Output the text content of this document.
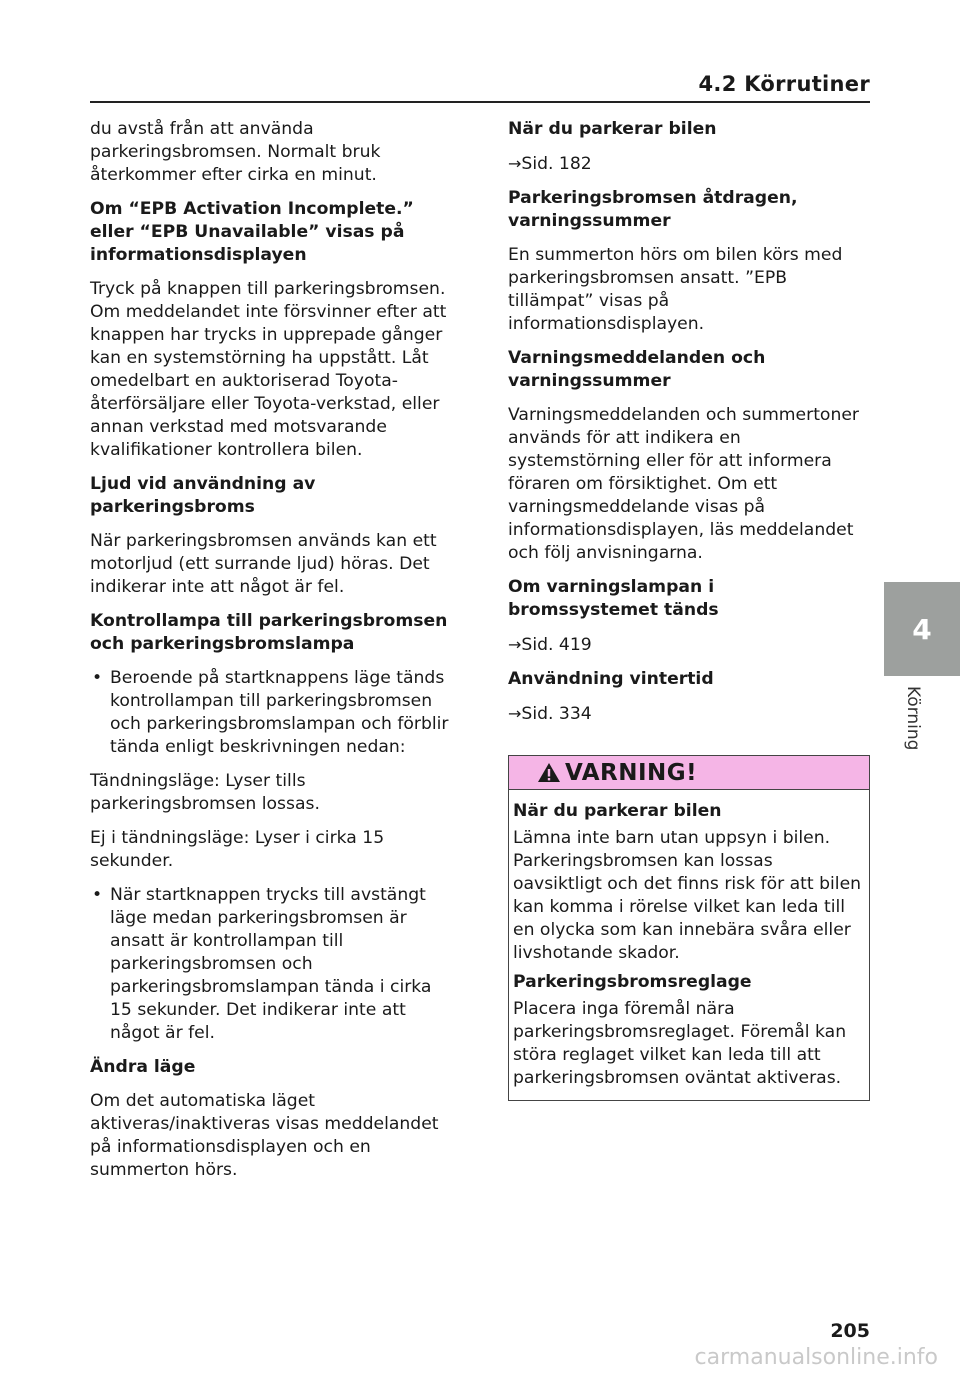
4.2 Körrutiner

du avstå från att använda parkeringsbromsen. Normalt bruk återkommer efter cirka en minut.

Om “EPB Activation Incomplete.” eller “EPB Unavailable” visas på informationsdisplayen

Tryck på knappen till parkeringsbromsen. Om meddelandet inte försvinner efter att knappen har trycks in upprepade gånger kan en systemstörning ha uppstått. Låt omedelbart en auktoriserad Toyota-återförsäljare eller Toyota-verkstad, eller annan verkstad med motsvarande kvalifikationer kontrollera bilen.

Ljud vid användning av parkeringsbroms

När parkeringsbromsen används kan ett motorljud (ett surrande ljud) höras. Det indikerar inte att något är fel.

Kontrollampa till parkeringsbromsen och parkeringsbromslampa

• Beroende på startknappens läge tänds kontrollampan till parkeringsbromsen och parkeringsbromslampan och förblir tända enligt beskrivningen nedan:

Tändningsläge: Lyser tills parkeringsbromsen lossas.

Ej i tändningsläge: Lyser i cirka 15 sekunder.

• När startknappen trycks till avstängt läge medan parkeringsbromsen är ansatt är kontrollampan till parkeringsbromsen och parkeringsbromslampan tända i cirka 15 sekunder. Det indikerar inte att något är fel.

Ändra läge

Om det automatiska läget aktiveras/inaktiveras visas meddelandet på informationsdisplayen och en summerton hörs.

När du parkerar bilen

→Sid. 182

Parkeringsbromsen åtdragen, varningssummer

En summerton hörs om bilen körs med parkeringsbromsen ansatt. ”EPB tillämpat” visas på informationsdisplayen.

Varningsmeddelanden och varningssummer

Varningsmeddelanden och summertoner används för att indikera en systemstörning eller för att informera föraren om försiktighet. Om ett varningsmeddelande visas på informationsdisplayen, läs meddelandet och följ anvisningarna.

Om varningslampan i bromssystemet tänds

→Sid. 419

Användning vintertid

→Sid. 334

VARNING!
När du parkerar bilen

Lämna inte barn utan uppsyn i bilen. Parkeringsbromsen kan lossas oavsiktligt och det finns risk för att bilen kan komma i rörelse vilket kan leda till en olycka som kan innebära svåra eller livshotande skador.

Parkeringsbromsreglage

Placera inga föremål nära parkeringsbromsreglaget. Föremål kan störa reglaget vilket kan leda till att parkeringsbromsen oväntat aktiveras.

4
Körning
205
carmanualsonline.info
